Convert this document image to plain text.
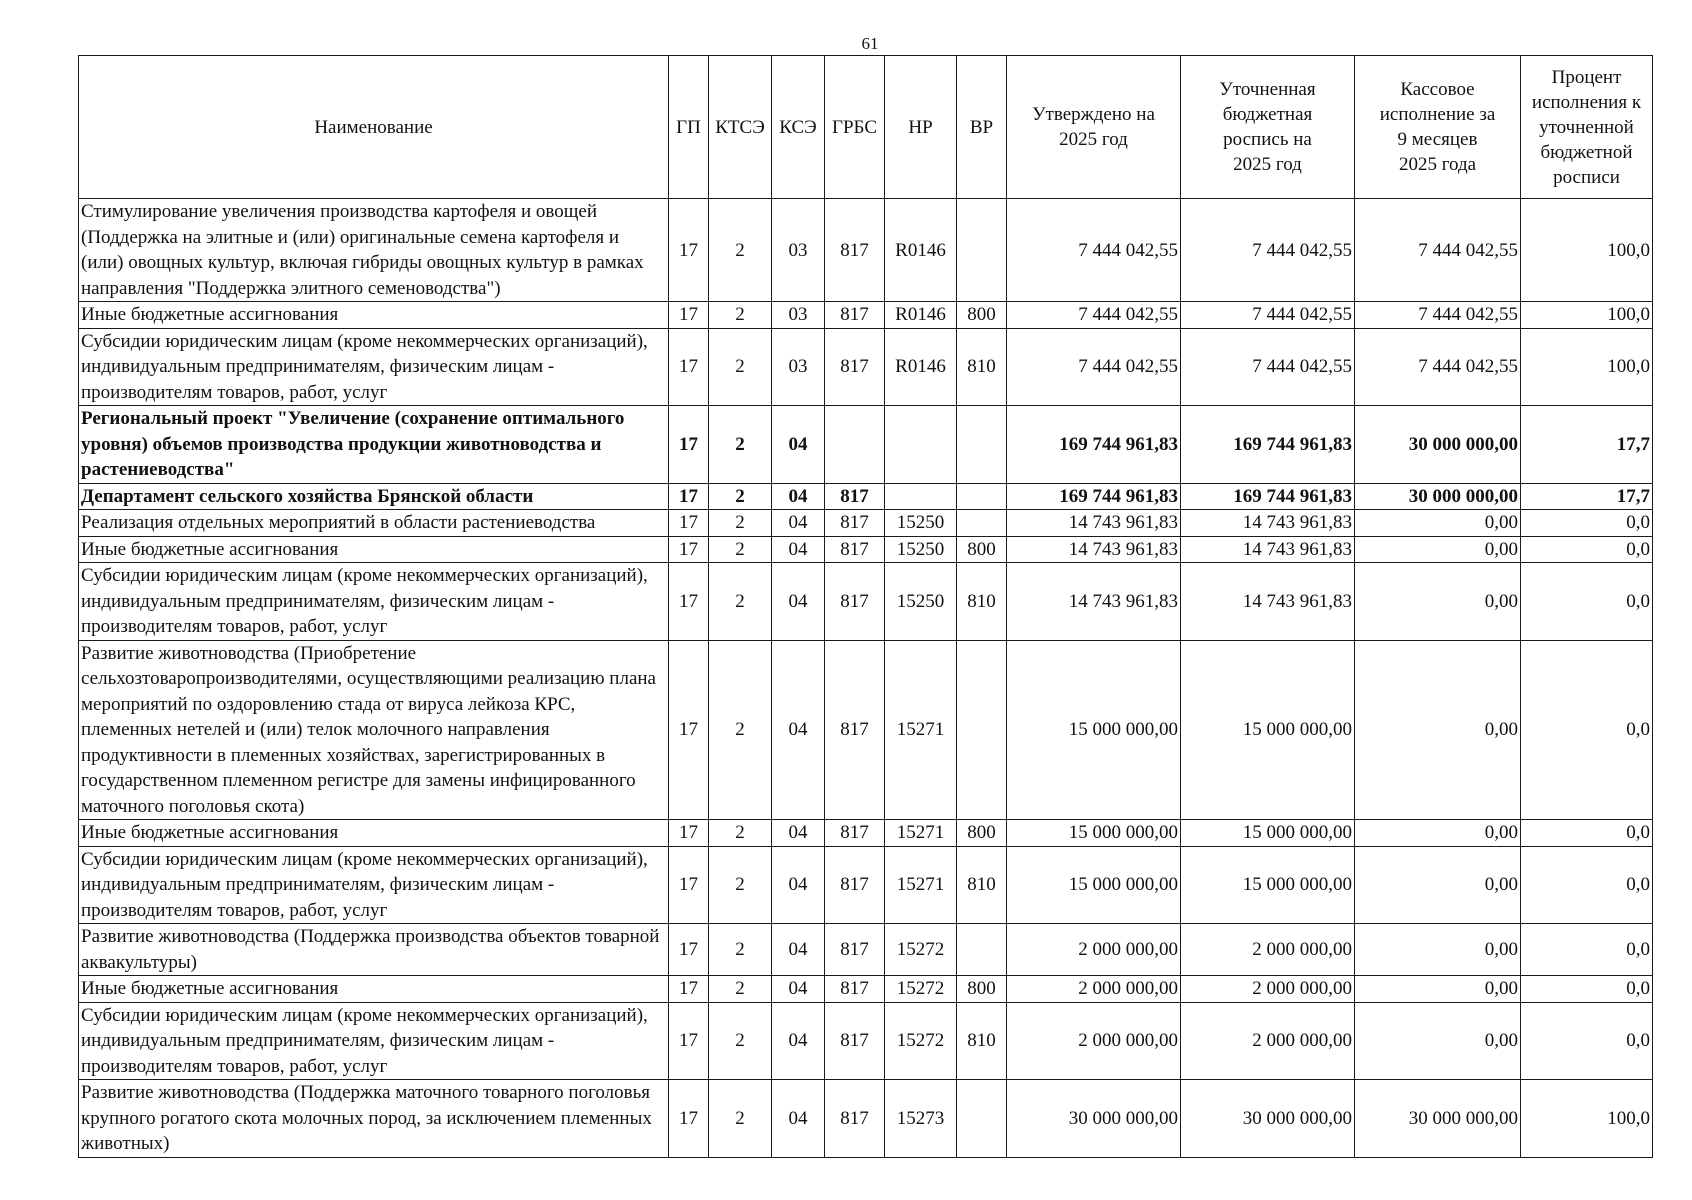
61
Наименование	ГП	КТСЭ	КСЭ	ГРБС	НР	ВР	Утверждено на 2025 год	Уточненная бюджетная роспись на 2025 год	Кассовое исполнение за 9 месяцев 2025 года	Процент исполнения к уточненной бюджетной росписи
Стимулирование увеличения производства картофеля и овощей (Поддержка на элитные и (или) оригинальные семена картофеля и (или) овощных культур, включая гибриды овощных культур в рамках направления "Поддержка элитного семеноводства")	17	2	03	817	R0146		7 444 042,55	7 444 042,55	7 444 042,55	100,0
Иные бюджетные ассигнования	17	2	03	817	R0146	800	7 444 042,55	7 444 042,55	7 444 042,55	100,0
Субсидии юридическим лицам (кроме некоммерческих организаций), индивидуальным предпринимателям, физическим лицам - производителям товаров, работ, услуг	17	2	03	817	R0146	810	7 444 042,55	7 444 042,55	7 444 042,55	100,0
Региональный проект "Увеличение (сохранение оптимального уровня) объемов производства продукции животноводства и растениеводства"	17	2	04				169 744 961,83	169 744 961,83	30 000 000,00	17,7
Департамент сельского хозяйства Брянской области	17	2	04	817			169 744 961,83	169 744 961,83	30 000 000,00	17,7
Реализация отдельных мероприятий в области растениеводства	17	2	04	817	15250		14 743 961,83	14 743 961,83	0,00	0,0
Иные бюджетные ассигнования	17	2	04	817	15250	800	14 743 961,83	14 743 961,83	0,00	0,0
Субсидии юридическим лицам (кроме некоммерческих организаций), индивидуальным предпринимателям, физическим лицам - производителям товаров, работ, услуг	17	2	04	817	15250	810	14 743 961,83	14 743 961,83	0,00	0,0
Развитие животноводства (Приобретение сельхозтоваропроизводителями, осуществляющими реализацию плана мероприятий по оздоровлению стада от вируса лейкоза КРС, племенных нетелей и (или) телок молочного направления продуктивности в племенных хозяйствах, зарегистрированных в государственном племенном регистре для замены инфицированного маточного поголовья скота)	17	2	04	817	15271		15 000 000,00	15 000 000,00	0,00	0,0
Иные бюджетные ассигнования	17	2	04	817	15271	800	15 000 000,00	15 000 000,00	0,00	0,0
Субсидии юридическим лицам (кроме некоммерческих организаций), индивидуальным предпринимателям, физическим лицам - производителям товаров, работ, услуг	17	2	04	817	15271	810	15 000 000,00	15 000 000,00	0,00	0,0
Развитие животноводства (Поддержка производства объектов товарной аквакультуры)	17	2	04	817	15272		2 000 000,00	2 000 000,00	0,00	0,0
Иные бюджетные ассигнования	17	2	04	817	15272	800	2 000 000,00	2 000 000,00	0,00	0,0
Субсидии юридическим лицам (кроме некоммерческих организаций), индивидуальным предпринимателям, физическим лицам - производителям товаров, работ, услуг	17	2	04	817	15272	810	2 000 000,00	2 000 000,00	0,00	0,0
Развитие животноводства (Поддержка маточного товарного поголовья крупного рогатого скота молочных пород, за исключением племенных животных)	17	2	04	817	15273		30 000 000,00	30 000 000,00	30 000 000,00	100,0
